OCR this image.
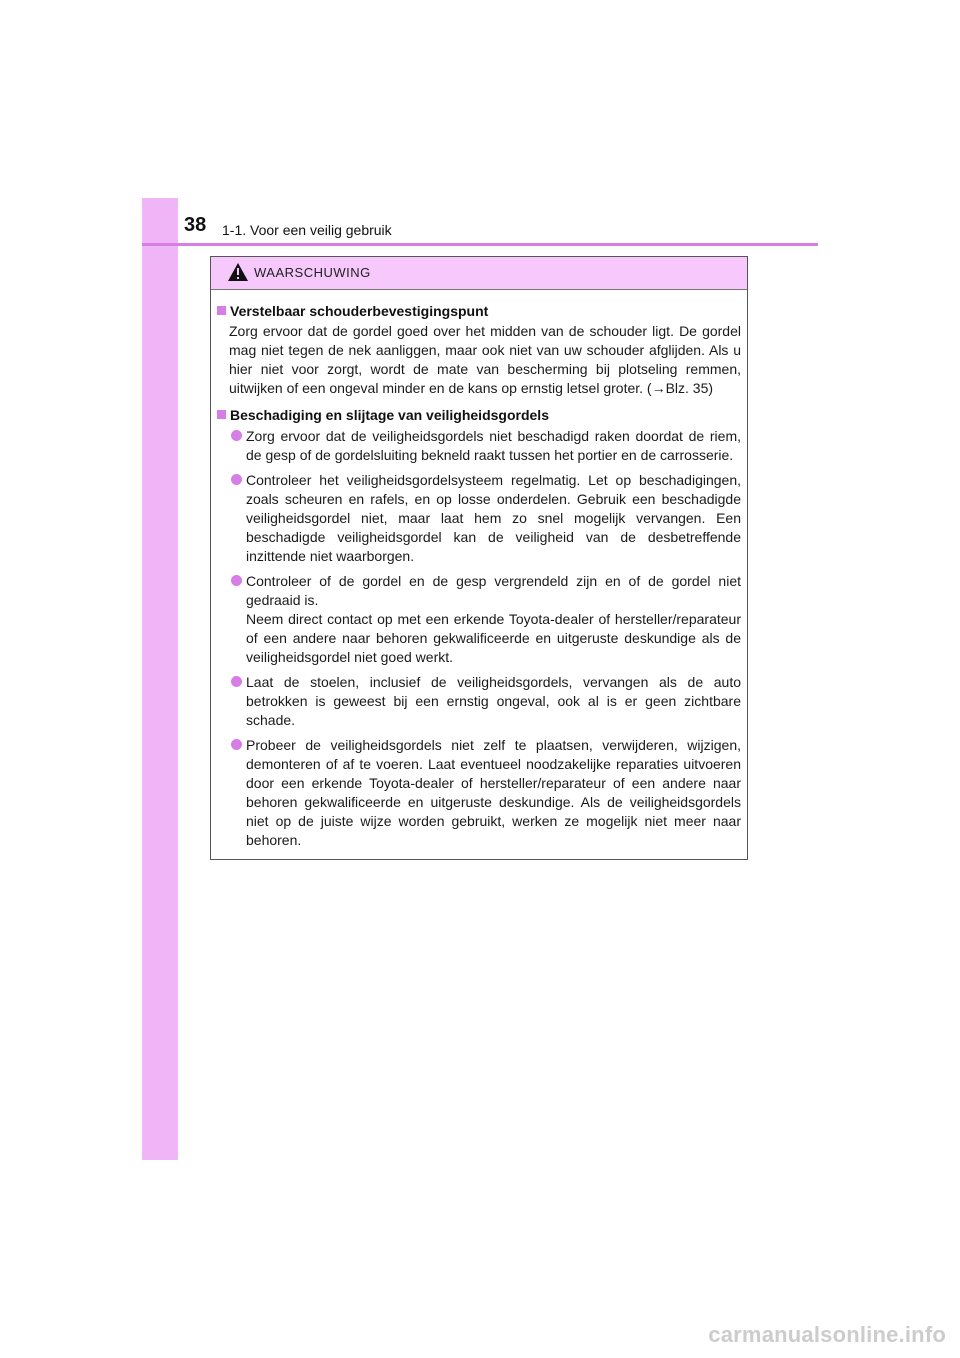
38 1-1. Voor een veilig gebruik
WAARSCHUWING
Verstelbaar schouderbevestigingspunt
Zorg ervoor dat de gordel goed over het midden van de schouder ligt. De gordel mag niet tegen de nek aanliggen, maar ook niet van uw schouder afglijden. Als u hier niet voor zorgt, wordt de mate van bescherming bij plotseling remmen, uitwijken of een ongeval minder en de kans op ernstig letsel groter. (→Blz. 35)
Beschadiging en slijtage van veiligheidsgordels
Zorg ervoor dat de veiligheidsgordels niet beschadigd raken doordat de riem, de gesp of de gordelsluiting bekneld raakt tussen het portier en de carrosserie.
Controleer het veiligheidsgordelsysteem regelmatig. Let op beschadigingen, zoals scheuren en rafels, en op losse onderdelen. Gebruik een beschadigde veiligheidsgordel niet, maar laat hem zo snel mogelijk vervangen. Een beschadigde veiligheidsgordel kan de veiligheid van de desbetreffende inzittende niet waarborgen.
Controleer of de gordel en de gesp vergrendeld zijn en of de gordel niet gedraaid is.
Neem direct contact op met een erkende Toyota-dealer of hersteller/reparateur of een andere naar behoren gekwalificeerde en uitgeruste deskundige als de veiligheidsgordel niet goed werkt.
Laat de stoelen, inclusief de veiligheidsgordels, vervangen als de auto betrokken is geweest bij een ernstig ongeval, ook al is er geen zichtbare schade.
Probeer de veiligheidsgordels niet zelf te plaatsen, verwijderen, wijzigen, demonteren of af te voeren. Laat eventueel noodzakelijke reparaties uitvoeren door een erkende Toyota-dealer of hersteller/reparateur of een andere naar behoren gekwalificeerde en uitgeruste deskundige. Als de veiligheidsgordels niet op de juiste wijze worden gebruikt, werken ze mogelijk niet meer naar behoren.
carmanualsonline.info
